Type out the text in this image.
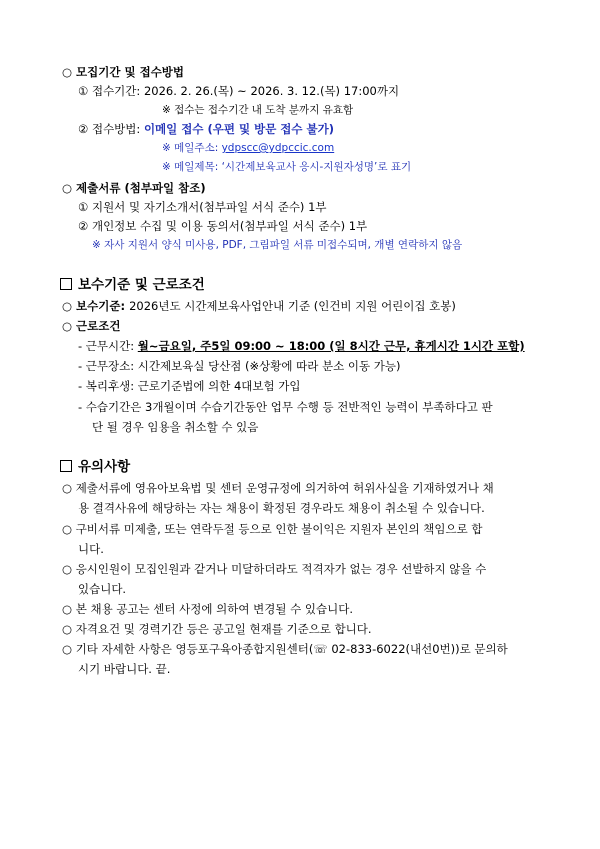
○ 모집기간 및 접수방법
① 접수기간: 2026. 2. 26.(목) ~ 2026. 3. 12.(목) 17:00까지
※ 접수는 접수기간 내 도착 분까지 유효함
② 접수방법: 이메일 접수 (우편 및 방문 접수 불가)
※ 메일주소: ydpscc@ydpccic.com
※ 메일제목: ‘시간제보육교사 응시-지원자성명’로 표기
○ 제출서류 (첨부파일 참조)
① 지원서 및 자기소개서(첨부파일 서식 준수) 1부
② 개인정보 수집 및 이용 동의서(첨부파일 서식 준수) 1부
※ 자사 지원서 양식 미사용, PDF, 그림파일 서류 미접수되며, 개별 연락하지 않음
보수기준 및 근로조건
○ 보수기준: 2026년도 시간제보육사업안내 기준 (인건비 지원 어린이집 호봉)
○ 근로조건
- 근무시간: 월~금요일, 주5일 09:00 ~ 18:00 (일 8시간 근무, 휴게시간 1시간 포함)
- 근무장소: 시간제보육실 당산점 (※상황에 따라 분소 이동 가능)
- 복리후생: 근로기준법에 의한 4대보험 가입
- 수습기간은 3개월이며 수습기간동안 업무 수행 등 전반적인 능력이 부족하다고 판
단 될 경우 임용을 취소할 수 있음
유의사항
○ 제출서류에 영유아보육법 및 센터 운영규정에 의거하여 허위사실을 기재하였거나 채
용 결격사유에 해당하는 자는 채용이 확정된 경우라도 채용이 취소될 수 있습니다.
○ 구비서류 미제출, 또는 연락두절 등으로 인한 불이익은 지원자 본인의 책임으로 합
니다.
○ 응시인원이 모집인원과 같거나 미달하더라도 적격자가 없는 경우 선발하지 않을 수
있습니다.
○ 본 채용 공고는 센터 사정에 의하여 변경될 수 있습니다.
○ 자격요건 및 경력기간 등은 공고일 현재를 기준으로 합니다.
○ 기타 자세한 사항은 영등포구육아종합지원센터(☏ 02-833-6022(내선0번))로 문의하
시기 바랍니다. 끝.
